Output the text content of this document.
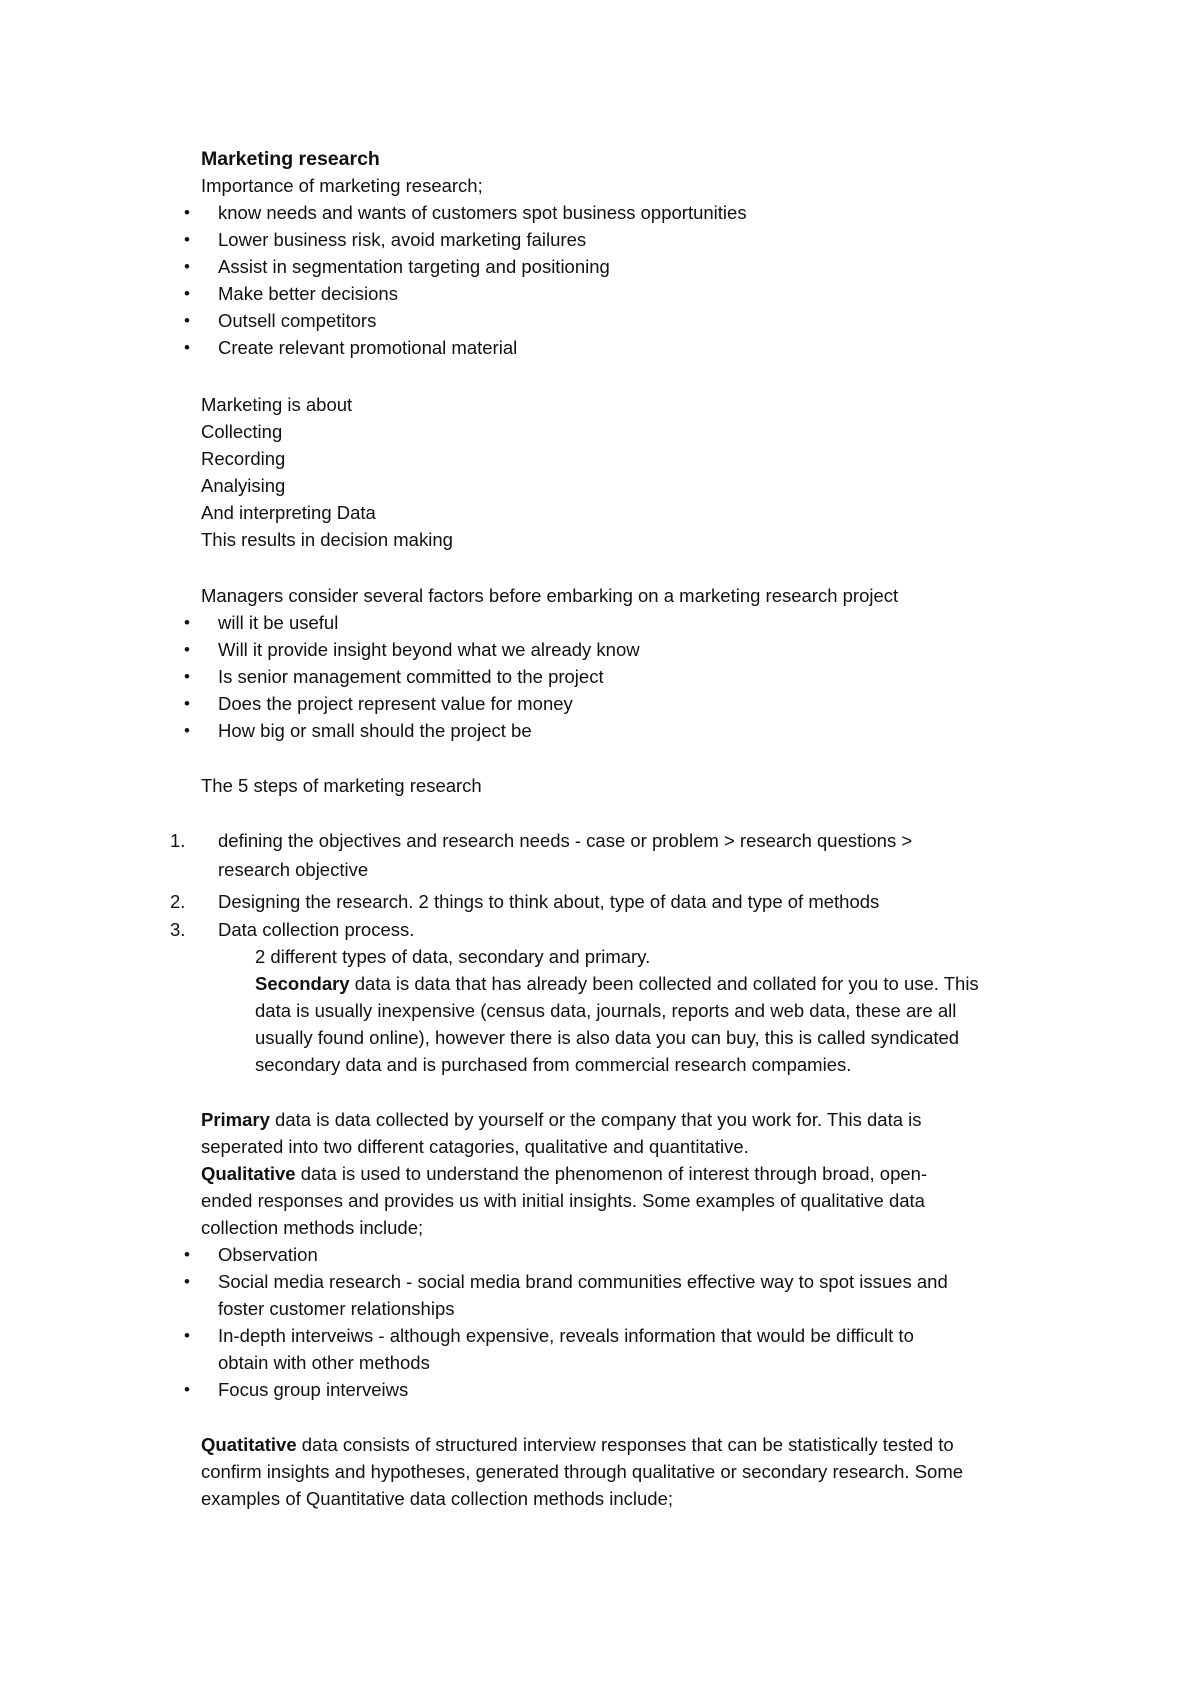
Marketing research
Importance of marketing research;
• know needs and wants of customers spot business opportunities
• Lower business risk, avoid marketing failures
• Assist in segmentation targeting and positioning
• Make better decisions
• Outsell competitors
• Create relevant promotional material
Marketing is about
Collecting
Recording
Analyising
And interpreting Data
This results in decision making
Managers consider several factors before embarking on a marketing research project
• will it be useful
• Will it provide insight beyond what we already know
• Is senior management committed to the project
• Does the project represent value for money
• How big or small should the project be
The 5 steps of marketing research
1. defining the objectives and research needs - case or problem > research questions >
research objective
2. Designing the research. 2 things to think about, type of data and type of methods
3. Data collection process.
2 different types of data, secondary and primary.
Secondary data is data that has already been collected and collated for you to use. This
data is usually inexpensive (census data, journals, reports and web data, these are all
usually found online), however there is also data you can buy, this is called syndicated
secondary data and is purchased from commercial research compamies.
Primary data is data collected by yourself or the company that you work for. This data is
seperated into two different catagories, qualitative and quantitative.
Qualitative data is used to understand the phenomenon of interest through broad, open-
ended responses and provides us with initial insights. Some examples of qualitative data
collection methods include;
• Observation
• Social media research - social media brand communities effective way to spot issues and
foster customer relationships
• In-depth interveiws - although expensive, reveals information that would be difficult to
obtain with other methods
• Focus group interveiws
Quatitative data consists of structured interview responses that can be statistically tested to
confirm insights and hypotheses, generated through qualitative or secondary research. Some
examples of Quantitative data collection methods include;
